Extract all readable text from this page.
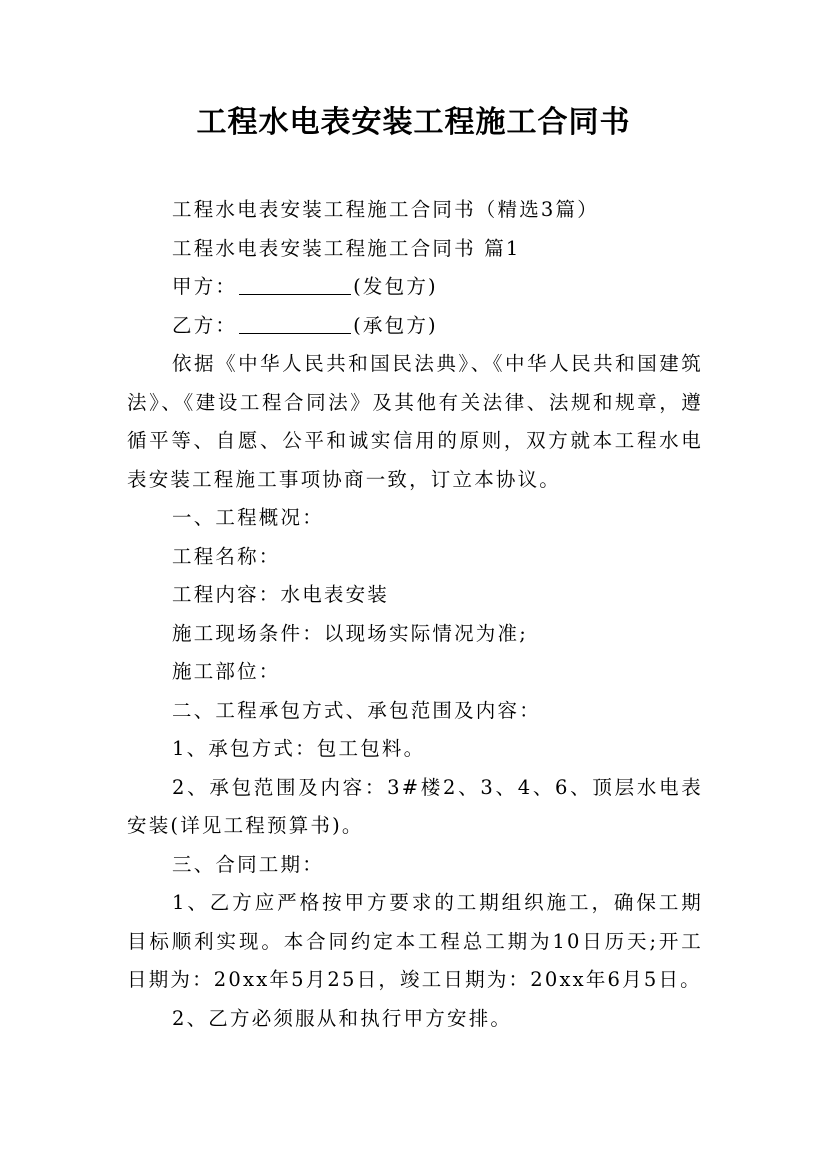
工程水电表安装工程施工合同书

工程水电表安装工程施工合同书（精选3篇）

工程水电表安装工程施工合同书 篇1

甲方：	(发包方)

乙方：	(承包方)

依据《中华人民共和国民法典》、《中华人民共和国建筑法》、《建设工程合同法》及其他有关法律、法规和规章，遵循平等、自愿、公平和诚实信用的原则，双方就本工程水电表安装工程施工事项协商一致，订立本协议。

一、工程概况：

工程名称：

工程内容：水电表安装

施工现场条件：以现场实际情况为准;

施工部位：

二、工程承包方式、承包范围及内容：

1、承包方式：包工包料。

2、承包范围及内容：3#楼2、3、4、6、顶层水电表安装(详见工程预算书)。

三、合同工期：

1、乙方应严格按甲方要求的工期组织施工，确保工期目标顺利实现。本合同约定本工程总工期为10日历天;开工日期为：20xx年5月25日，竣工日期为：20xx年6月5日。

2、乙方必须服从和执行甲方安排。
